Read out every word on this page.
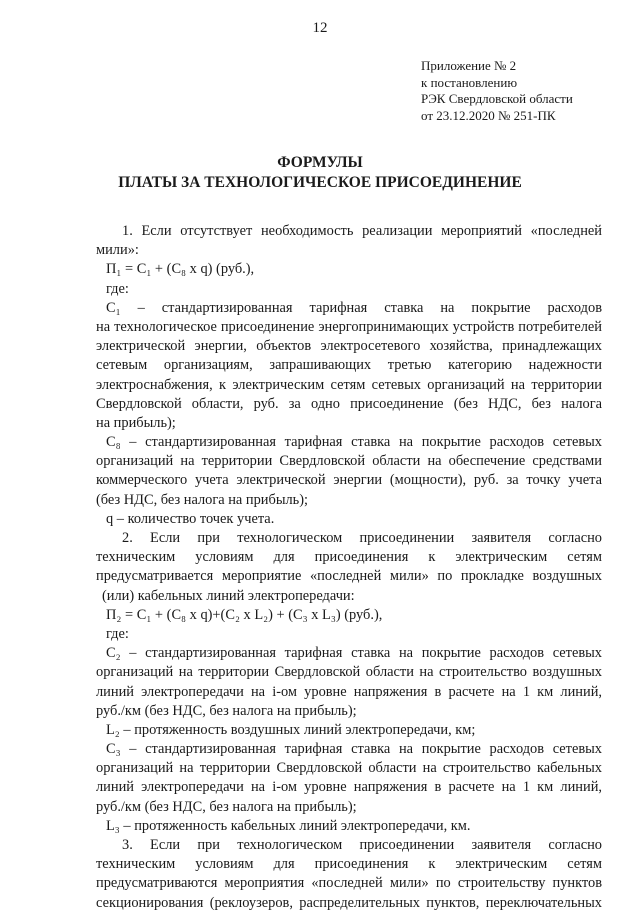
12
Приложение № 2
к постановлению
РЭК Свердловской области
от 23.12.2020 № 251-ПК
ФОРМУЛЫ
ПЛАТЫ ЗА ТЕХНОЛОГИЧЕСКОЕ ПРИСОЕДИНЕНИЕ
1. Если отсутствует необходимость реализации мероприятий «последней
мили»:
П₁ = С₁ + (С₈ х q) (руб.),
где:
С₁ – стандартизированная тарифная ставка на покрытие расходов
на технологическое присоединение энергопринимающих устройств потребителей
электрической энергии, объектов электросетевого хозяйства, принадлежащих
сетевым организациям, запрашивающих третью категорию надежности
электроснабжения, к электрическим сетям сетевых организаций на территории
Свердловской области, руб. за одно присоединение (без НДС, без налога
на прибыль);
С₈ – стандартизированная тарифная ставка на покрытие расходов сетевых
организаций на территории Свердловской области на обеспечение средствами
коммерческого учета электрической энергии (мощности), руб. за точку учета
(без НДС, без налога на прибыль);
q – количество точек учета.
2. Если при технологическом присоединении заявителя согласно
техническим условиям для присоединения к электрическим сетям
предусматривается мероприятие «последней мили» по прокладке воздушных
(или) кабельных линий электропередачи:
П₂ = С₁ + (С₈ х q)+(С₂ х L₂) + (С₃ х L₃) (руб.),
где:
С₂ – стандартизированная тарифная ставка на покрытие расходов сетевых
организаций на территории Свердловской области на строительство воздушных
линий электропередачи на i-ом уровне напряжения в расчете на 1 км линий,
руб./км (без НДС, без налога на прибыль);
L₂ – протяженность воздушных линий электропередачи, км;
С₃ – стандартизированная тарифная ставка на покрытие расходов сетевых
организаций на территории Свердловской области на строительство кабельных
линий электропередачи на i-ом уровне напряжения в расчете на 1 км линий,
руб./км (без НДС, без налога на прибыль);
L₃ – протяженность кабельных линий электропередачи, км.
3. Если при технологическом присоединении заявителя согласно
техническим условиям для присоединения к электрическим сетям
предусматриваются мероприятия «последней мили» по строительству пунктов
секционирования (реклоузеров, распределительных пунктов, переключательных
